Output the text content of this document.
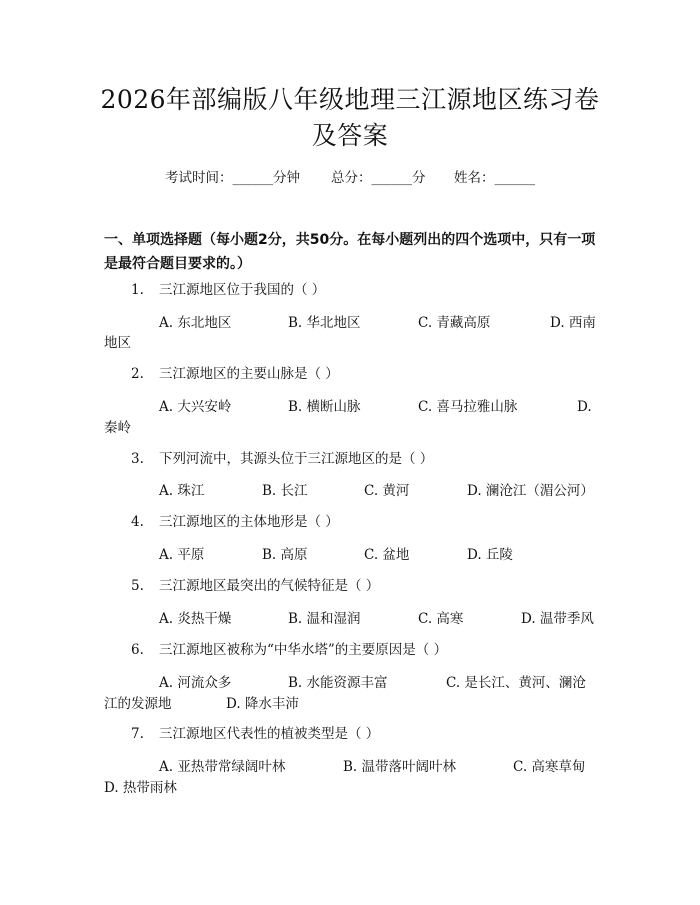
2026年部编版八年级地理三江源地区练习卷
及答案
考试时间：______分钟 总分：______分 姓名：______
一、单项选择题（每小题2分，共50分。在每小题列出的四个选项中，只有一项
是最符合题目要求的。）
1. 三江源地区位于我国的（ ）
A. 东北地区	B. 华北地区	C. 青藏高原	D. 西南
地区
2. 三江源地区的主要山脉是（ ）
A. 大兴安岭	B. 横断山脉	C. 喜马拉雅山脉	D.
秦岭
3. 下列河流中，其源头位于三江源地区的是（ ）
A. 珠江	B. 长江	C. 黄河	D. 澜沧江（湄公河）
4. 三江源地区的主体地形是（ ）
A. 平原	B. 高原	C. 盆地	D. 丘陵
5. 三江源地区最突出的气候特征是（ ）
A. 炎热干燥	B. 温和湿润	C. 高寒	D. 温带季风
6. 三江源地区被称为“中华水塔”的主要原因是（ ）
A. 河流众多	B. 水能资源丰富	C. 是长江、黄河、澜沧
江的发源地	D. 降水丰沛
7. 三江源地区代表性的植被类型是（ ）
A. 亚热带常绿阔叶林	B. 温带落叶阔叶林	C. 高寒草甸
D. 热带雨林
